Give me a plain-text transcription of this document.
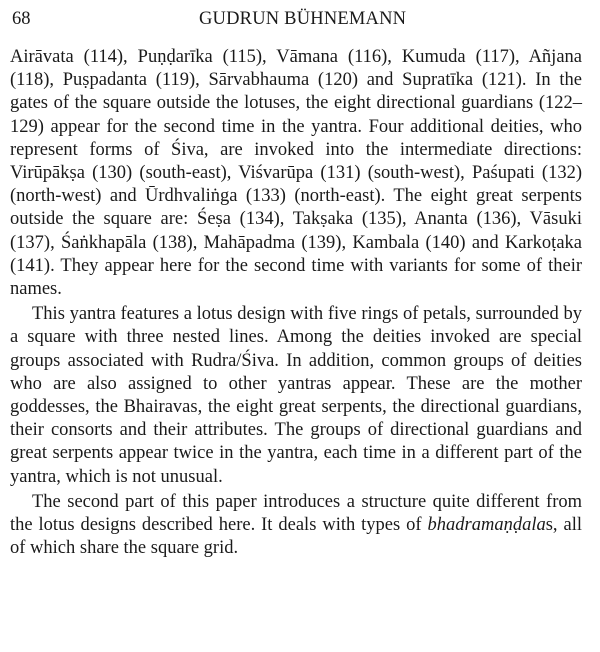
68	GUDRUN BÜHNEMANN

Airāvata (114), Puṇḍarīka (115), Vāmana (116), Kumuda (117), Añjana (118), Puṣpadanta (119), Sārvabhauma (120) and Supratīka (121). In the gates of the square outside the lotuses, the eight directional guardians (122–129) appear for the second time in the yantra. Four additional deities, who represent forms of Śiva, are invoked into the intermediate directions: Virūpākṣa (130) (south-east), Viśvarūpa (131) (south-west), Paśupati (132) (north-west) and Ūrdhvaliṅga (133) (north-east). The eight great serpents outside the square are: Śeṣa (134), Takṣaka (135), Ananta (136), Vāsuki (137), Śaṅkhapāla (138), Mahāpadma (139), Kambala (140) and Karkoṭaka (141). They appear here for the second time with variants for some of their names.

This yantra features a lotus design with five rings of petals, surrounded by a square with three nested lines. Among the deities invoked are special groups associated with Rudra/Śiva. In addition, common groups of deities who are also assigned to other yantras appear. These are the mother goddesses, the Bhairavas, the eight great serpents, the directional guardians, their consorts and their attributes. The groups of directional guardians and great serpents appear twice in the yantra, each time in a different part of the yantra, which is not unusual.

The second part of this paper introduces a structure quite different from the lotus designs described here. It deals with types of bhadramaṇḍalas, all of which share the square grid.
